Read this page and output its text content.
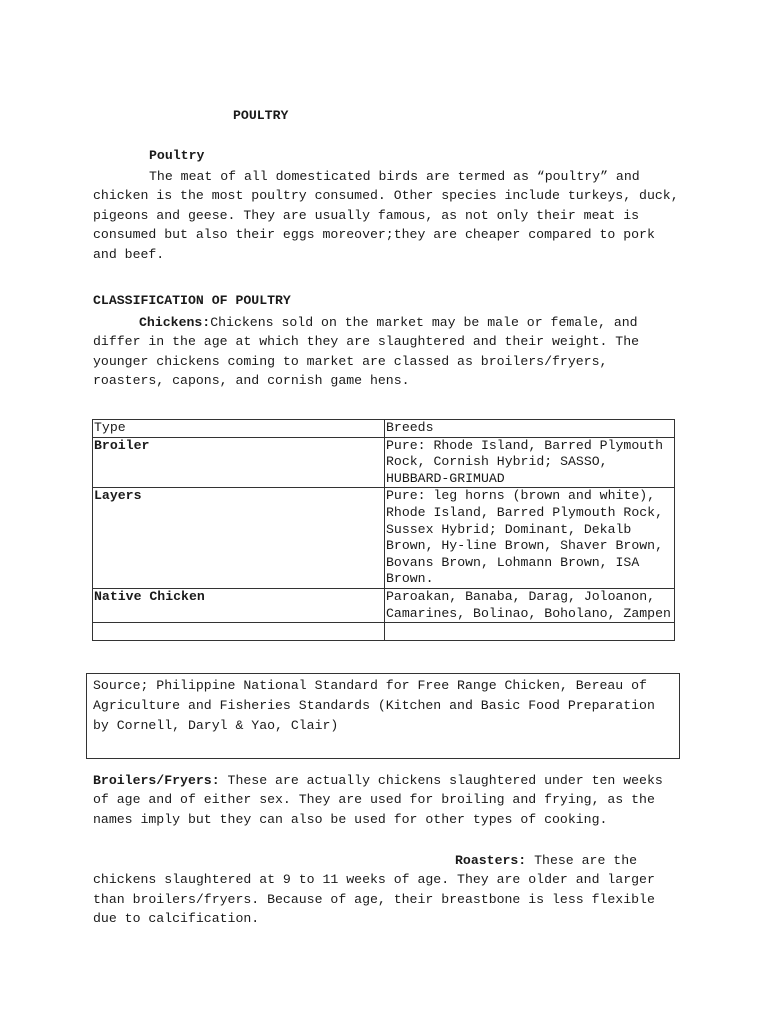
POULTRY
Poultry

The meat of all domesticated birds are termed as “poultry” and chicken is the most poultry consumed. Other species include turkeys, duck, pigeons and geese. They are usually famous, as not only their meat is consumed but also their eggs moreover;they are cheaper compared to pork and beef.

CLASSIFICATION OF POULTRY

Chickens:Chickens sold on the market may be male or female, and differ in the age at which they are slaughtered and their weight. The younger chickens coming to market are classed as broilers/fryers, roasters, capons, and cornish game hens.

Type	Breeds
Broiler	Pure: Rhode Island, Barred Plymouth Rock, Cornish Hybrid; SASSO, HUBBARD-GRIMUAD
Layers	Pure: leg horns (brown and white), Rhode Island, Barred Plymouth Rock, Sussex Hybrid; Dominant, Dekalb Brown, Hy-line Brown, Shaver Brown, Bovans Brown, Lohmann Brown, ISA Brown.
Native Chicken	Paroakan, Banaba, Darag, Joloanon, Camarines, Bolinao, Boholano, Zampen

Source; Philippine National Standard for Free Range Chicken, Bereau of Agriculture and Fisheries Standards (Kitchen and Basic Food Preparation by Cornell, Daryl & Yao, Clair)

Broilers/Fryers: These are actually chickens slaughtered under ten weeks of age and of either sex. They are used for broiling and frying, as the names imply but they can also be used for other types of cooking.

Roasters: These are the chickens slaughtered at 9 to 11 weeks of age. They are older and larger than broilers/fryers. Because of age, their breastbone is less flexible due to calcification.
